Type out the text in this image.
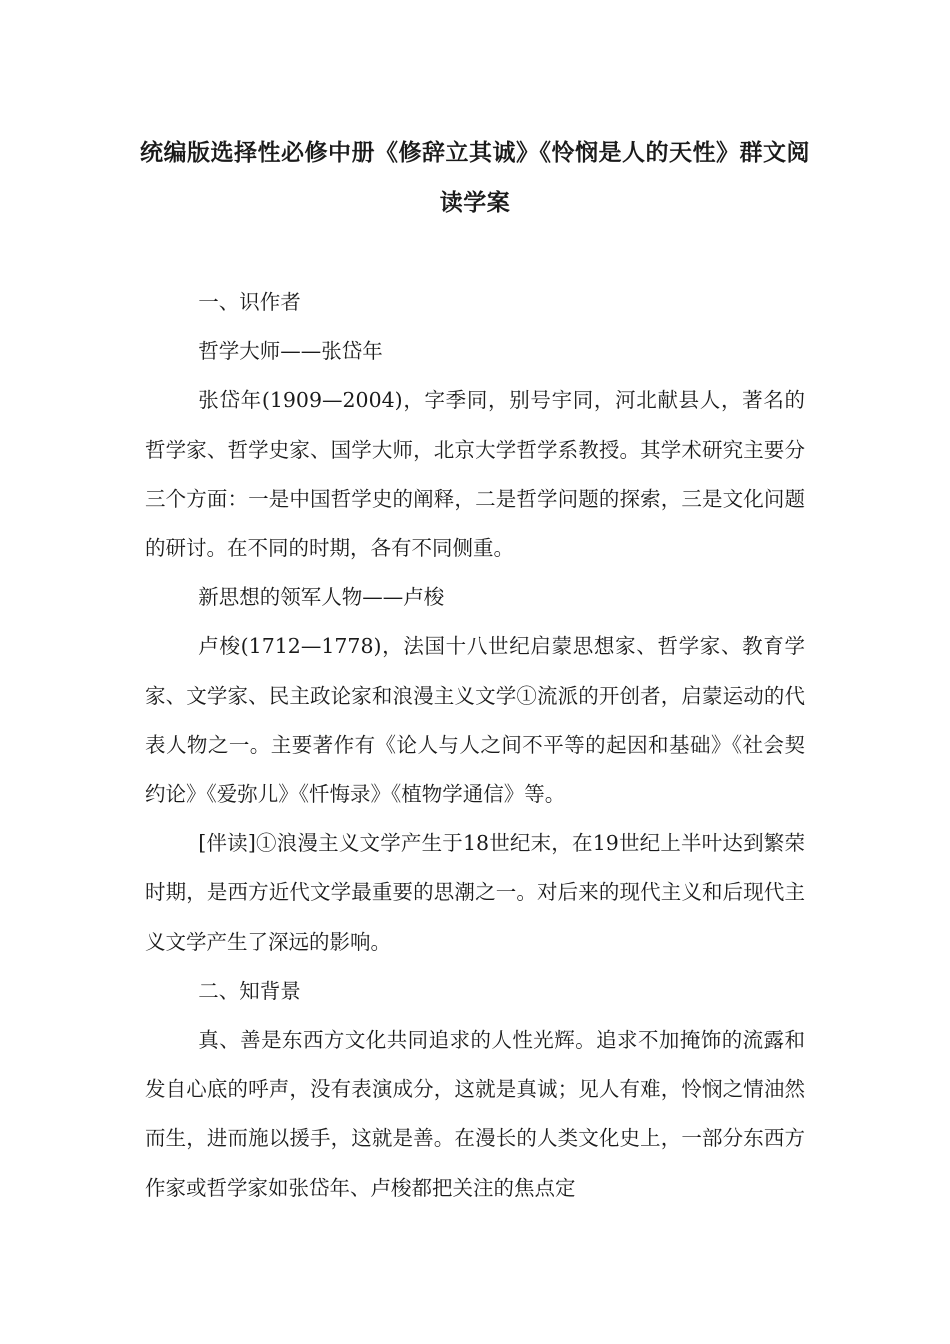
统编版选择性必修中册《修辞立其诚》《怜悯是人的天性》群文阅
读学案

一、识作者

哲学大师——张岱年

张岱年(1909—2004)，字季同，别号宇同，河北献县人，著名的哲学家、哲学史家、国学大师，北京大学哲学系教授。其学术研究主要分三个方面：一是中国哲学史的阐释，二是哲学问题的探索，三是文化问题的研讨。在不同的时期，各有不同侧重。

新思想的领军人物——卢梭

卢梭(1712—1778)，法国十八世纪启蒙思想家、哲学家、教育学家、文学家、民主政论家和浪漫主义文学①流派的开创者，启蒙运动的代表人物之一。主要著作有《论人与人之间不平等的起因和基础》《社会契约论》《爱弥儿》《忏悔录》《植物学通信》等。

[伴读]①浪漫主义文学产生于18世纪末，在19世纪上半叶达到繁荣时期，是西方近代文学最重要的思潮之一。对后来的现代主义和后现代主义文学产生了深远的影响。

二、知背景

真、善是东西方文化共同追求的人性光辉。追求不加掩饰的流露和发自心底的呼声，没有表演成分，这就是真诚；见人有难，怜悯之情油然而生，进而施以援手，这就是善。在漫长的人类文化史上，一部分东西方作家或哲学家如张岱年、卢梭都把关注的焦点定
